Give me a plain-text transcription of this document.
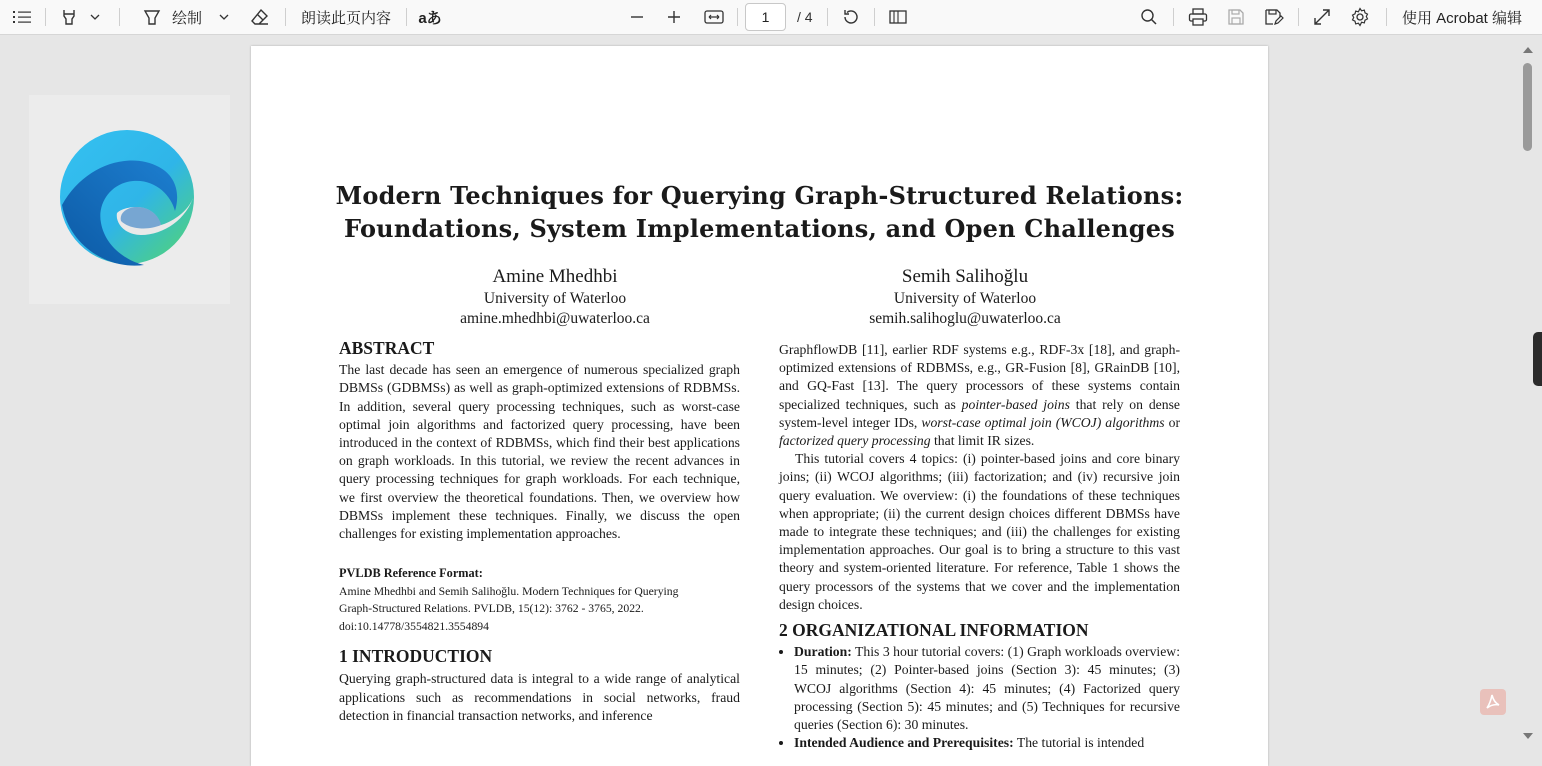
绘制	朗读此页内容 aあ
1	/ 4	使用 Acrobat 编辑
Modern Techniques for Querying Graph-Structured Relations:
Foundations, System Implementations, and Open Challenges
Amine Mhedhbi
University of Waterloo
amine.mhedhbi@uwaterloo.ca
Semih Salihoğlu
University of Waterloo
semih.salihoglu@uwaterloo.ca
ABSTRACT

The last decade has seen an emergence of numerous specialized graph DBMSs (GDBMSs) as well as graph-optimized extensions of RDBMSs. In addition, several query processing techniques, such as worst-case optimal join algorithms and factorized query processing, have been introduced in the context of RDBMSs, which find their best applications on graph workloads. In this tutorial, we review the recent advances in query processing techniques for graph workloads. For each technique, we first overview the theoretical foundations. Then, we overview how DBMSs implement these techniques. Finally, we discuss the open challenges for existing implementation approaches.

PVLDB Reference Format:
Amine Mhedhbi and Semih Salihoğlu. Modern Techniques for Querying
Graph-Structured Relations. PVLDB, 15(12): 3762 - 3765, 2022.
doi:10.14778/3554821.3554894
1 INTRODUCTION

Querying graph-structured data is integral to a wide range of analytical applications such as recommendations in social networks, fraud detection in financial transaction networks, and inference

GraphflowDB [11], earlier RDF systems e.g., RDF-3x [18], and graph-optimized extensions of RDBMSs, e.g., GR-Fusion [8], GRainDB [10], and GQ-Fast [13]. The query processors of these systems contain specialized techniques, such as pointer-based joins that rely on dense system-level integer IDs, worst-case optimal join (WCOJ) algorithms or factorized query processing that limit IR sizes.

This tutorial covers 4 topics: (i) pointer-based joins and core binary joins; (ii) WCOJ algorithms; (iii) factorization; and (iv) recursive join query evaluation. We overview: (i) the foundations of these techniques when appropriate; (ii) the current design choices different DBMSs have made to integrate these techniques; and (iii) the challenges for existing implementation approaches. Our goal is to bring a structure to this vast theory and system-oriented literature. For reference, Table 1 shows the query processors of the systems that we cover and the implementation design choices.

2 ORGANIZATIONAL INFORMATION
• Duration: This 3 hour tutorial covers: (1) Graph workloads overview: 15 minutes; (2) Pointer-based joins (Section 3): 45 minutes; (3) WCOJ algorithms (Section 4): 45 minutes; (4) Factorized query processing (Section 5): 45 minutes; and (5) Techniques for recursive queries (Section 6): 30 minutes.
• Intended Audience and Prerequisites: The tutorial is intended
